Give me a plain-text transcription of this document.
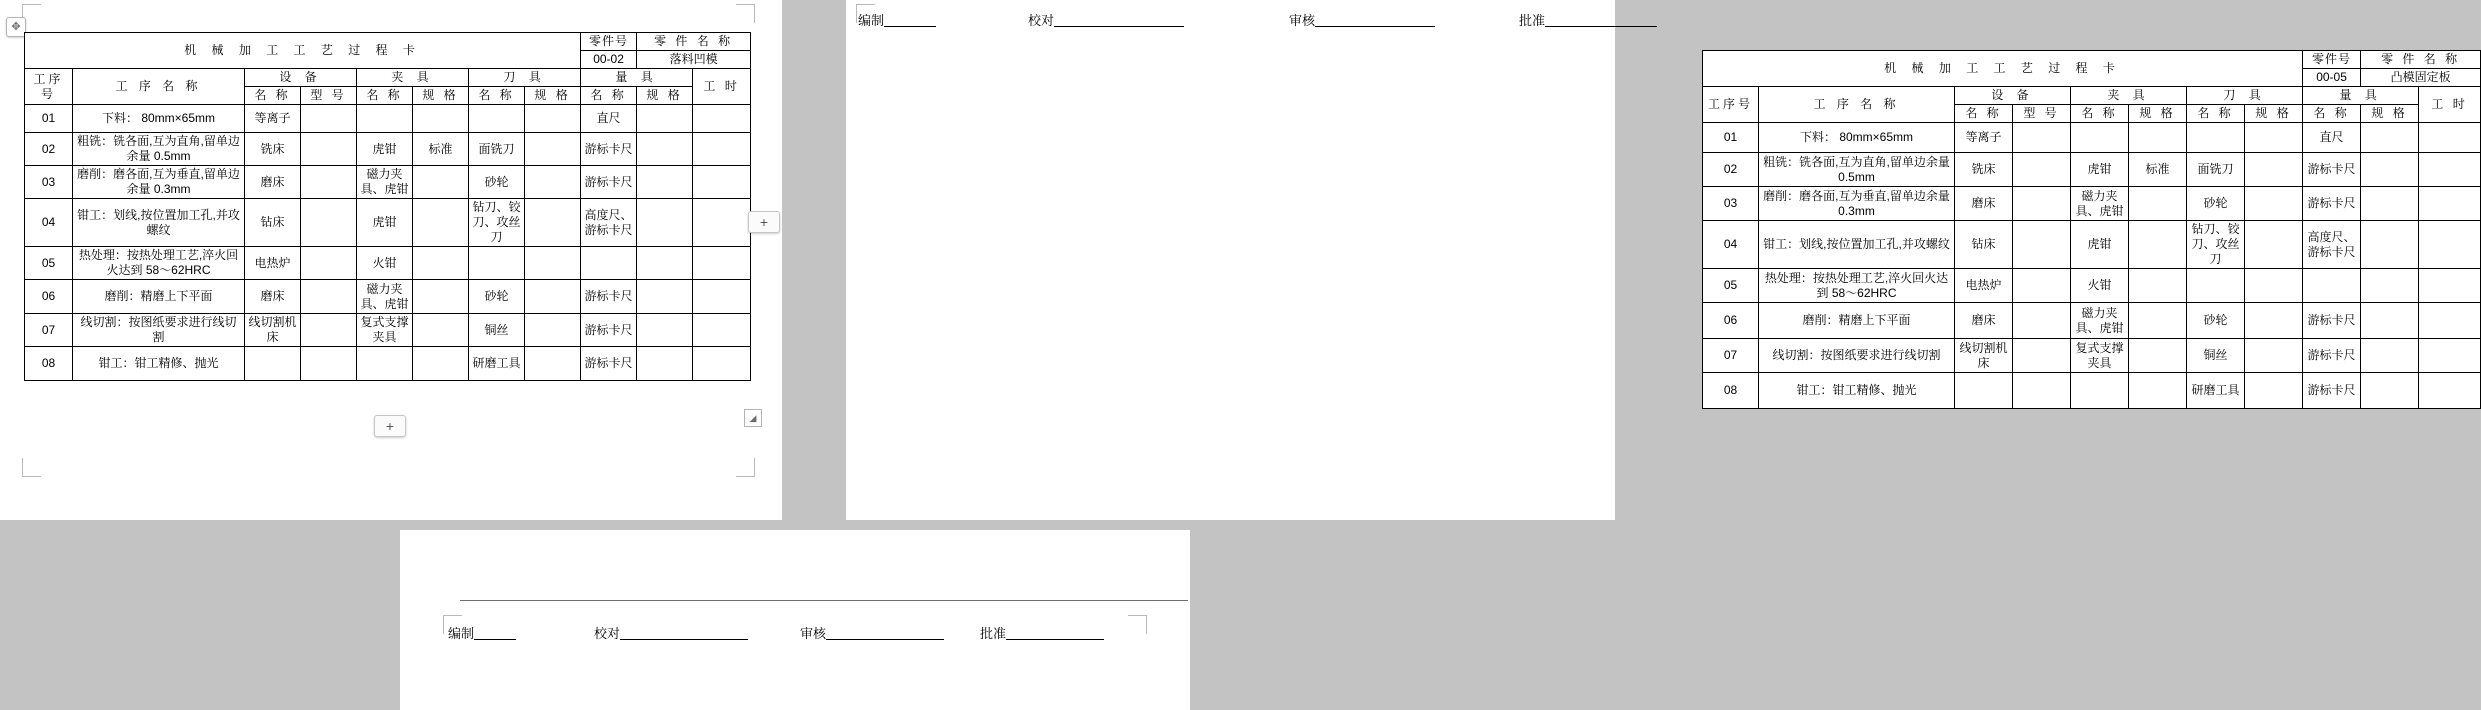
✥
机 械 加 工 工 艺 过 程 卡								零件号	零 件 名 称	
								00-02	落料凹模	
工序号	工 序 名 称	设 备		夹 具		刀 具		量 具		工 时
		名 称	型 号	名 称	规 格	名 称	规 格	名 称	规 格	
01	下料： 80mm×65mm	等离子						直尺		
02	粗铣：铣各面,互为直角,留单边余量 0.5mm	铣床		虎钳	标准	面铣刀		游标卡尺		
03	磨削：磨各面,互为垂直,留单边余量 0.3mm	磨床		磁力夹具、虎钳		砂轮		游标卡尺		
04	钳工：划线,按位置加工孔,并攻螺纹	钻床		虎钳		钻刀、铰刀、攻丝刀		高度尺、游标卡尺		
05	热处理：按热处理工艺,淬火回火达到 58～62HRC	电热炉		火钳						
06	磨削：精磨上下平面	磨床		磁力夹具、虎钳		砂轮		游标卡尺		
07	线切割：按图纸要求进行线切割	线切割机床		复式支撑夹具		铜丝		游标卡尺		
08	钳工：钳工精修、抛光					研磨工具		游标卡尺		
+
+
◢
编制	校对	审核	批准
机 械 加 工 工 艺 过 程 卡								零件号	零 件 名 称	
								00-05	凸模固定板	
工序号	工 序 名 称	设 备		夹 具		刀 具		量 具		工 时
		名 称	型 号	名 称	规 格	名 称	规 格	名 称	规 格	
01	下料： 80mm×65mm	等离子						直尺		
02	粗铣：铣各面,互为直角,留单边余量 0.5mm	铣床		虎钳	标准	面铣刀		游标卡尺		
03	磨削：磨各面,互为垂直,留单边余量 0.3mm	磨床		磁力夹具、虎钳		砂轮		游标卡尺		
04	钳工：划线,按位置加工孔,并攻螺纹	钻床		虎钳		钻刀、铰刀、攻丝刀		高度尺、游标卡尺		
05	热处理：按热处理工艺,淬火回火达到 58～62HRC	电热炉		火钳						
06	磨削：精磨上下平面	磨床		磁力夹具、虎钳		砂轮		游标卡尺		
07	线切割：按图纸要求进行线切割	线切割机床		复式支撑夹具		铜丝		游标卡尺		
08	钳工：钳工精修、抛光					研磨工具		游标卡尺		
编制	校对	审核	批准
